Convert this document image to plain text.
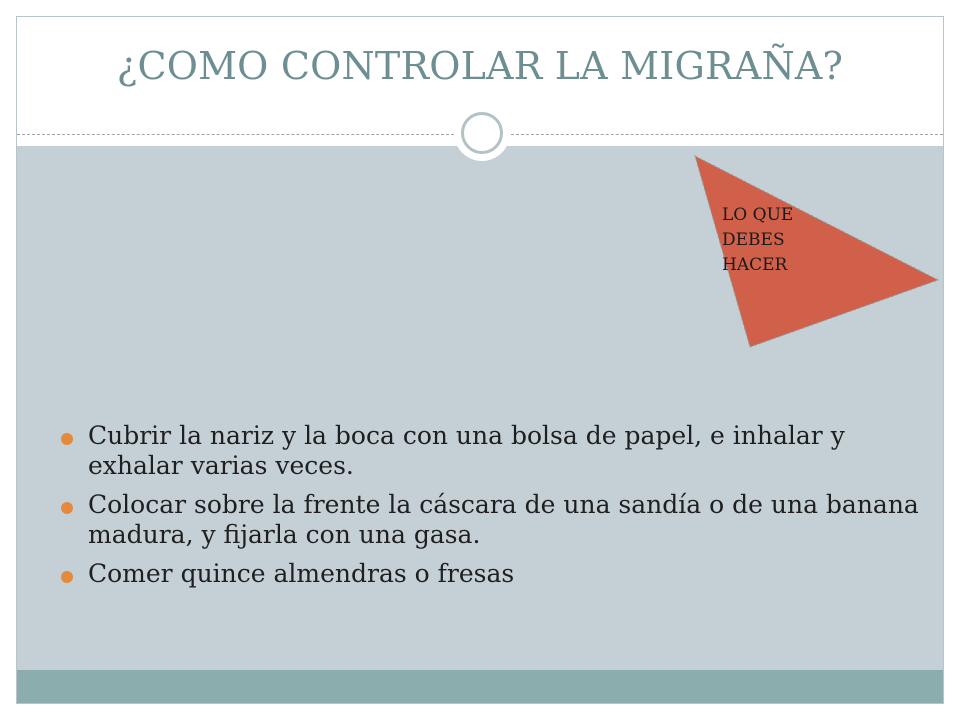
¿COMO CONTROLAR LA MIGRAÑA?
LO QUE
DEBES
HACER
Cubrir la nariz y la boca con una bolsa de papel, e inhalar y exhalar varias veces.
Colocar sobre la frente la cáscara de una sandía o de una banana madura, y fijarla con una gasa.
Comer quince almendras o fresas
